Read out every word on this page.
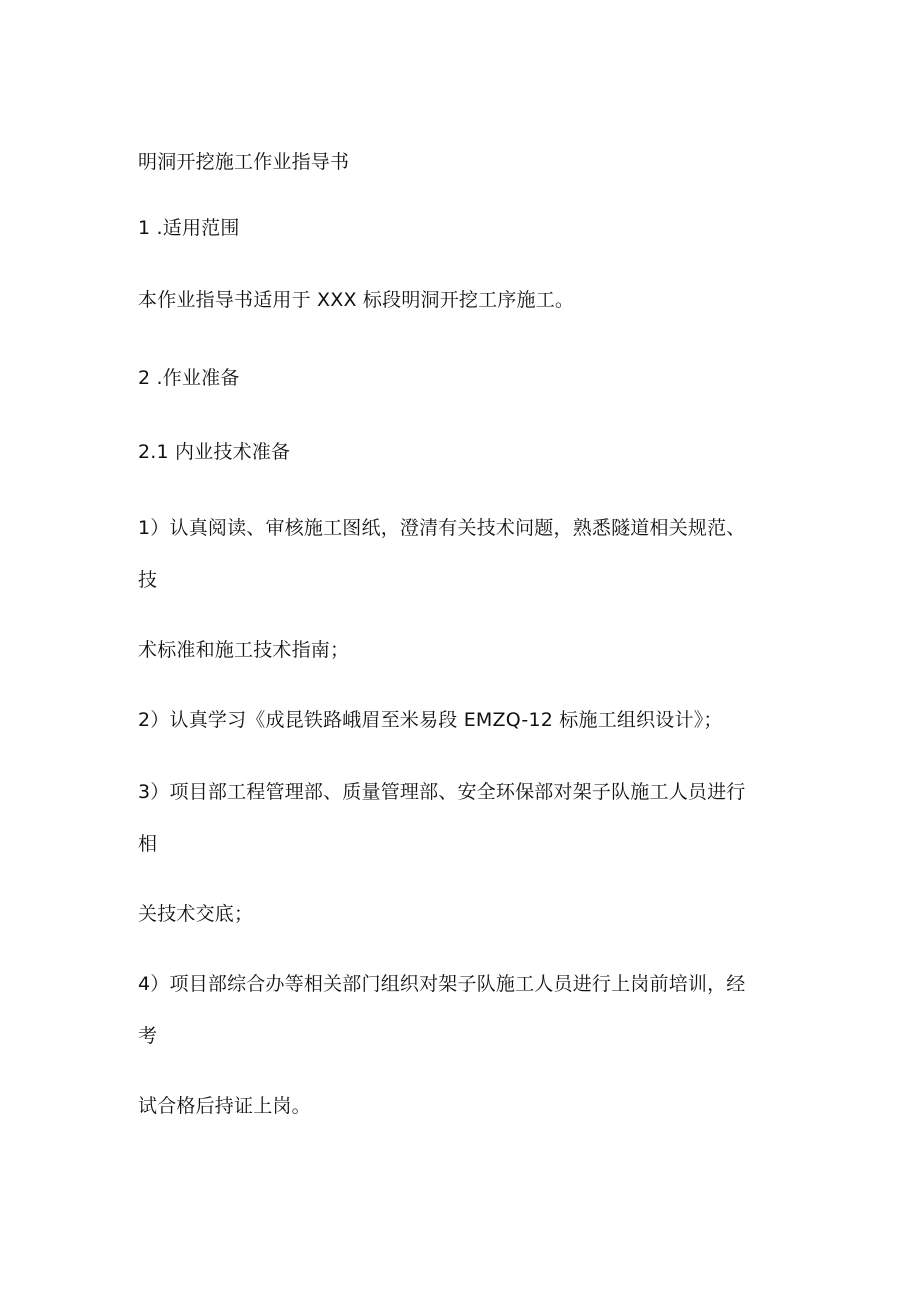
明洞开挖施工作业指导书
1 .适用范围
本作业指导书适用于 XXX 标段明洞开挖工序施工。
2 .作业准备
2.1 内业技术准备
1）认真阅读、审核施工图纸，澄清有关技术问题，熟悉隧道相关规范、
技
术标准和施工技术指南；
2）认真学习《成昆铁路峨眉至米易段 EMZQ-12 标施工组织设计》；
3）项目部工程管理部、质量管理部、安全环保部对架子队施工人员进行
相
关技术交底；
4）项目部综合办等相关部门组织对架子队施工人员进行上岗前培训，经
考
试合格后持证上岗。
